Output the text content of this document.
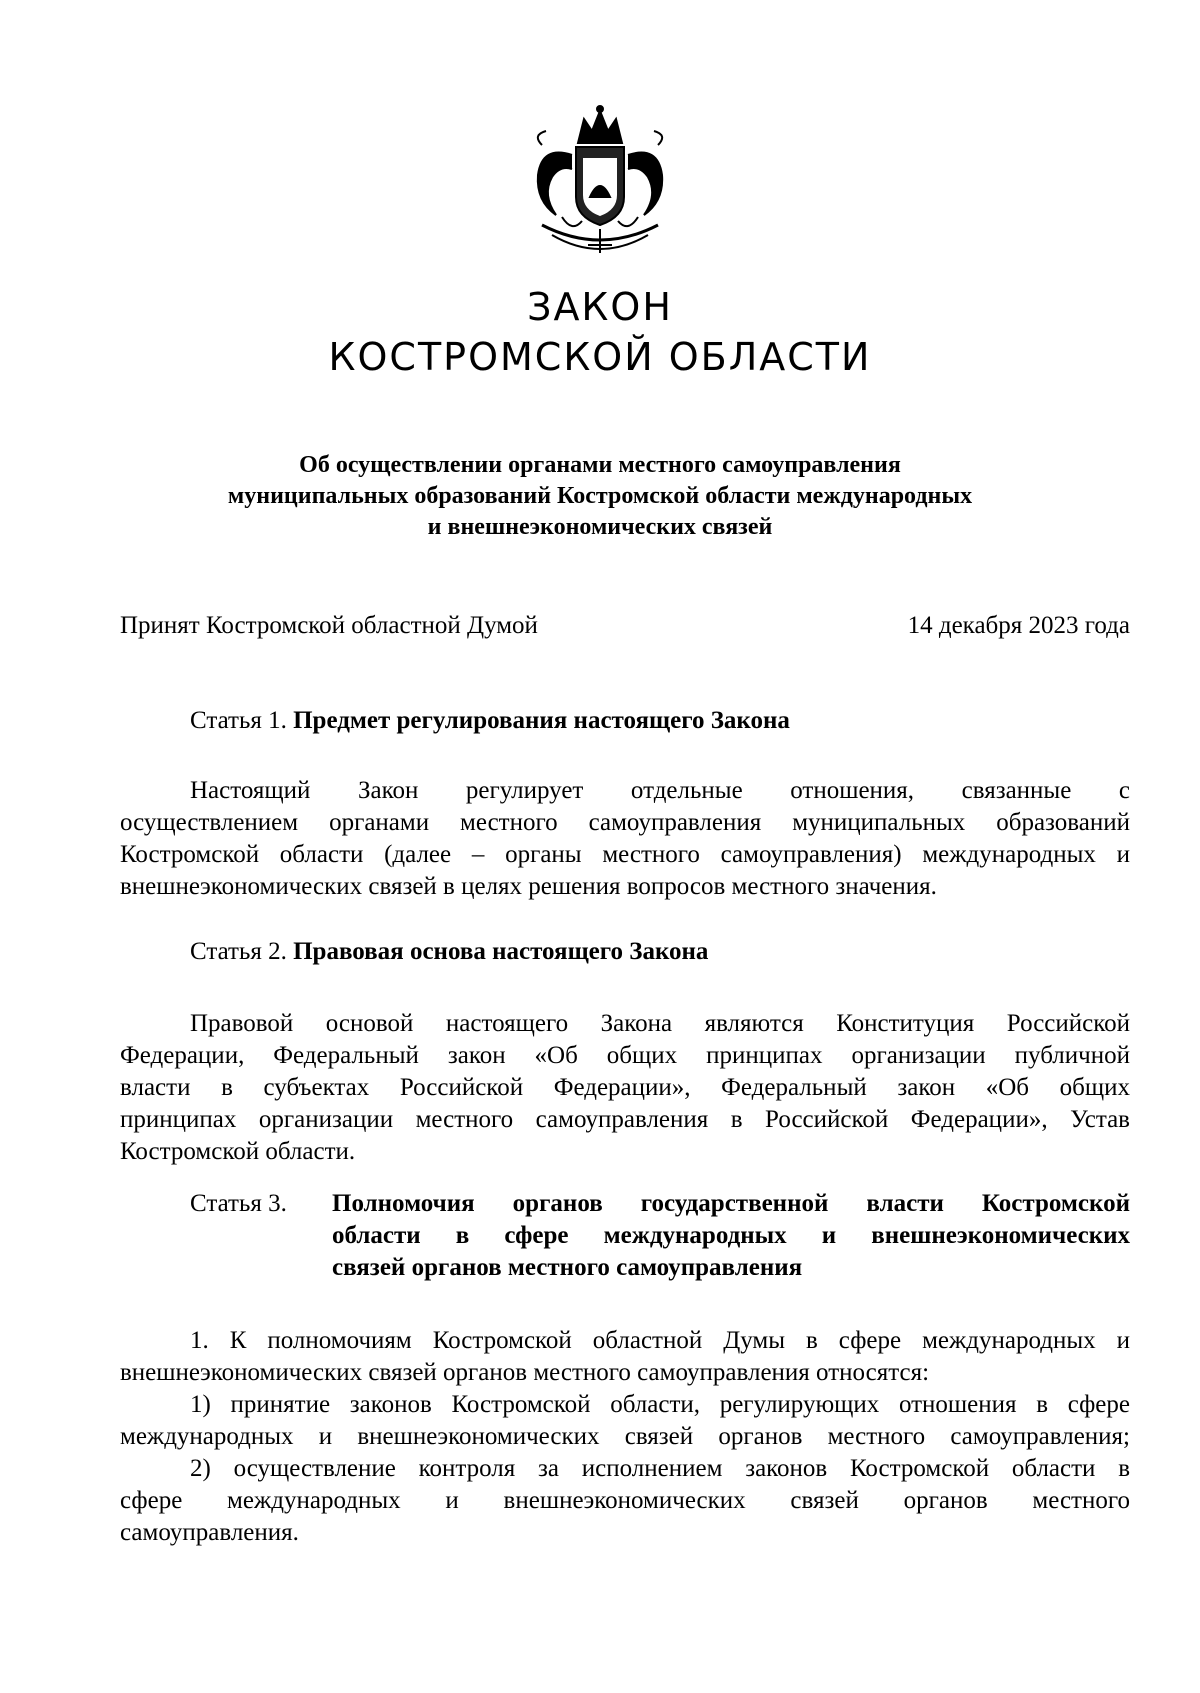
ЗАКОН
КОСТРОМСКОЙ ОБЛАСТИ
Об осуществлении органами местного самоуправления
муниципальных образований Костромской области международных
и внешнеэкономических связей
Принят Костромской областной Думой	14 декабря 2023 года
Статья 1. Предмет регулирования настоящего Закона
Настоящий Закон регулирует отдельные отношения, связанные с
осуществлением органами местного самоуправления муниципальных образований
Костромской области (далее – органы местного самоуправления) международных и
внешнеэкономических связей в целях решения вопросов местного значения.
Статья 2. Правовая основа настоящего Закона
Правовой основой настоящего Закона являются Конституция Российской
Федерации, Федеральный закон «Об общих принципах организации публичной
власти в субъектах Российской Федерации», Федеральный закон «Об общих
принципах организации местного самоуправления в Российской Федерации», Устав
Костромской области.
Статья 3. Полномочия органов государственной власти Костромской
области в сфере международных и внешнеэкономических
связей органов местного самоуправления
1. К полномочиям Костромской областной Думы в сфере международных и
внешнеэкономических связей органов местного самоуправления относятся:
1) принятие законов Костромской области, регулирующих отношения в сфере
международных и внешнеэкономических связей органов местного самоуправления;
2) осуществление контроля за исполнением законов Костромской области в
сфере международных и внешнеэкономических связей органов местного
самоуправления.
